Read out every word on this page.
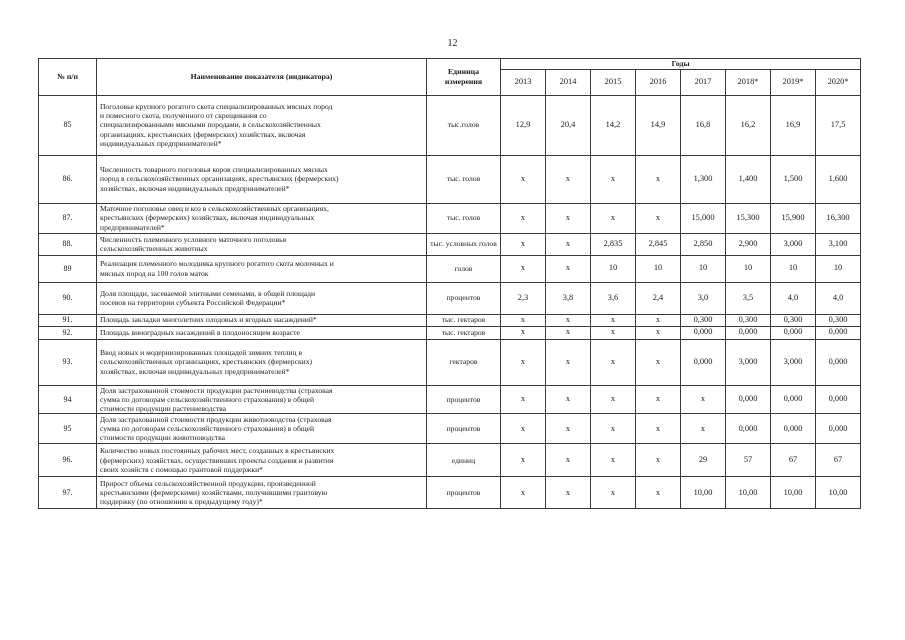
12
№ п/п	Наименование показателя (индикатора)	Единица измерения	Годы							
			2013	2014	2015	2016	2017	2018*	2019*	2020*
85	Поголовье крупного рогатого скота специализированных мясных пород
и помесного скота, полученного от скрещивания со
специализированными мясными породами, в сельскохозяйственных
организациях, крестьянских (фермерских) хозяйствах, включая
индивидуальных предпринимателей*	тыс.голов	12,9	20,4	14,2	14,9	16,8	16,2	16,9	17,5
86.	Численность товарного поголовья коров специализированных мясных
пород в сельскохозяйственных организациях, крестьянских (фермерских)
хозяйствах, включая индивидуальных предпринимателей*	тыс. голов	x	x	x	x	1,300	1,400	1,500	1,600
87.	Маточное поголовье овец и коз в сельскохозяйственных организациях,
крестьянских (фермерских) хозяйствах, включая индивидуальных
предпринимателей*	тыс. голов	x	x	x	x	15,000	15,300	15,900	16,300
88.	Численность племенного условного маточного поголовья
сельскохозяйственных животных	тыс. условных голов	x	x	2,835	2,845	2,850	2,900	3,000	3,100
89	Реализация племенного молодняка крупного рогатого скота молочных и
мясных пород на 100 голов маток	голов	x	x	10	10	10	10	10	10
90.	Доля площади, засеваемой элитными семенами, в общей площади
посевов на территории субъекта Российской Федерации*	процентов	2,3	3,8	3,6	2,4	3,0	3,5	4,0	4,0
91.	Площадь закладки многолетних плодовых и ягодных насаждений*	тыс. гектаров	x	x	x	x	0,300	0,300	0,300	0,300
92.	Площадь виноградных насаждений в плодоносящем возрасте	тыс. гектаров	x	x	x	x	0,000	0,000	0,000	0,000
93.	Ввод новых и модернизированных площадей зимних теплиц в
сельскохозяйственных организациях, крестьянских (фермерских)
хозяйствах, включая индивидуальных предпринимателей*	гектаров	x	x	x	x	0,000	3,000	3,000	0,000
94	Доля застрахованной стоимости продукции растениеводства (страховая
сумма по договорам сельскохозяйственного страхования) в общей
стоимости продукции растениеводства	процентов	x	x	x	x	x	0,000	0,000	0,000
95	Доля застрахованной стоимости продукции животноводства (страховая
сумма по договорам сельскохозяйственного страхования) в общей
стоимости продукции животноводства	процентов	x	x	x	x	x	0,000	0,000	0,000
96.	Количество новых постоянных рабочих мест, созданных в крестьянских
(фермерских) хозяйствах, осуществивших проекты создания и развития
своих хозяйств с помощью грантовой поддержки*	единиц	x	x	x	x	29	57	67	67
97.	Прирост объема сельскохозяйственной продукции, произведенной
крестьянскими (фермерскими) хозяйствами, получившими грантовую
поддержку (по отношению к предыдущему году)*	процентов	x	x	x	x	10,00	10,00	10,00	10,00
